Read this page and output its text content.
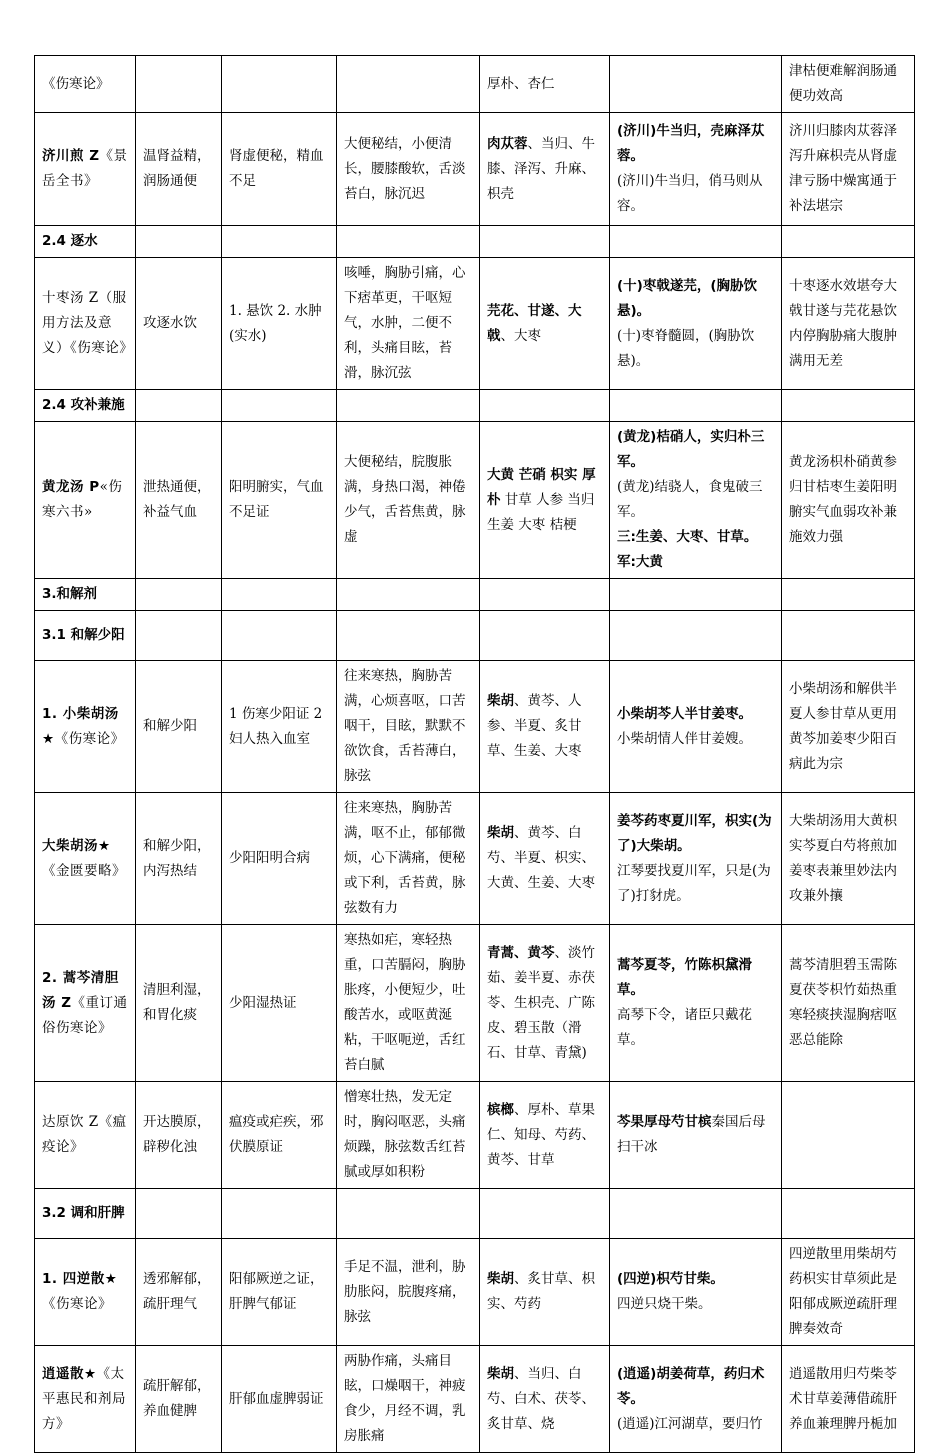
《伤寒论》				厚朴、杏仁		津枯便难解润肠通便功效高
济川煎 Z《景岳全书》	温肾益精，润肠通便	肾虚便秘，精血不足	大便秘结，小便清长，腰膝酸软，舌淡苔白，脉沉迟	肉苁蓉、当归、牛膝、泽泻、升麻、枳壳	(济川)牛当归，壳麻泽苁蓉。
(济川)牛当归，俏马则从容。	济川归膝肉苁蓉泽泻升麻枳壳从肾虚津亏肠中燥寓通于补法堪宗
2.4 逐水						
十枣汤 Z（服用方法及意义）《伤寒论》	攻逐水饮	1. 悬饮 2. 水肿(实水)	咳唾，胸胁引痛，心下痞革更，干呕短气，水肿，二便不利，头痛目眩，苔滑，脉沉弦	芫花、甘遂、大戟、大枣	(十)枣戟遂芫，(胸胁饮悬)。
(十)枣脊髓圆，(胸胁饮悬)。	十枣逐水效堪夸大戟甘遂与芫花悬饮内停胸胁痛大腹肿满用无差
2.4 攻补兼施						
黄龙汤 P«伤寒六书»	泄热通便，补益气血	阳明腑实，气血不足证	大便秘结，脘腹胀满，身热口渴，神倦少气，舌苔焦黄，脉虚	大黄 芒硝 枳实 厚朴 甘草 人参 当归 生姜 大枣 桔梗	(黄龙)桔硝人，实归朴三军。
(黄龙)结骁人，食鬼破三军。
三:生姜、大枣、甘草。
军:大黄	黄龙汤枳朴硝黄参归甘桔枣生姜阳明腑实气血弱攻补兼施效力强
3.和解剂						
3.1 和解少阳						
1. 小柴胡汤★《伤寒论》	和解少阳	1 伤寒少阳证 2 妇人热入血室	往来寒热，胸胁苦满，心烦喜呕，口苦咽干，目眩，默默不欲饮食，舌苔薄白，脉弦	柴胡、黄芩、人参、半夏、炙甘草、生姜、大枣	小柴胡芩人半甘姜枣。
小柴胡情人伴甘姜嫂。	小柴胡汤和解供半夏人参甘草从更用黄芩加姜枣少阳百病此为宗
大柴胡汤★《金匮要略》	和解少阳，内泻热结	少阳阳明合病	往来寒热，胸胁苦满，呕不止，郁郁微烦，心下满痛，便秘或下利，舌苔黄，脉弦数有力	柴胡、黄芩、白芍、半夏、枳实、大黄、生姜、大枣	姜芩药枣夏川军，枳实(为了)大柴胡。
江琴要找夏川军，只是(为了)打豺虎。	大柴胡汤用大黄枳实芩夏白芍将煎加姜枣表兼里妙法内攻兼外攘
2. 蒿芩清胆汤 Z《重订通俗伤寒论》	清胆利湿，和胃化痰	少阳湿热证	寒热如疟，寒轻热重，口苦膈闷，胸胁胀疼，小便短少，吐酸苦水，或呕黄涎粘，干呕呃逆，舌红苔白腻	青蒿、黄芩、淡竹茹、姜半夏、赤茯苓、生枳壳、广陈皮、碧玉散（滑石、甘草、青黛)	蒿芩夏苓，竹陈枳黛滑草。
高琴下令，诸臣只戴花草。	蒿芩清胆碧玉需陈夏茯苓枳竹茹热重寒轻痰挟湿胸痞呕恶总能除
达原饮 Z《瘟疫论》	开达膜原，辟秽化浊	瘟疫或疟疾，邪伏膜原证	憎寒壮热，发无定时，胸闷呕恶，头痛烦躁，脉弦数舌红苔腻或厚如积粉	槟榔、厚朴、草果仁、知母、芍药、黄芩、甘草	芩果厚母芍甘槟秦国后母扫干冰	
3.2 调和肝脾						
1. 四逆散★《伤寒论》	透邪解郁，疏肝理气	阳郁厥逆之证，肝脾气郁证	手足不温，泄利，胁肋胀闷，脘腹疼痛，脉弦	柴胡、炙甘草、枳实、芍药	(四逆)枳芍甘柴。
四逆只烧干柴。	四逆散里用柴胡芍药枳实甘草须此是阳郁成厥逆疏肝理脾奏效奇
逍遥散★《太平惠民和剂局方》	疏肝解郁，养血健脾	肝郁血虚脾弱证	两胁作痛，头痛目眩，口燥咽干，神疲食少，月经不调，乳房胀痛	柴胡、当归、白芍、白术、茯苓、炙甘草、烧	(逍遥)胡姜荷草，药归术苓。
(逍遥)江河湖草，要归竹	逍遥散用归芍柴苓术甘草姜薄借疏肝养血兼理脾丹栀加
